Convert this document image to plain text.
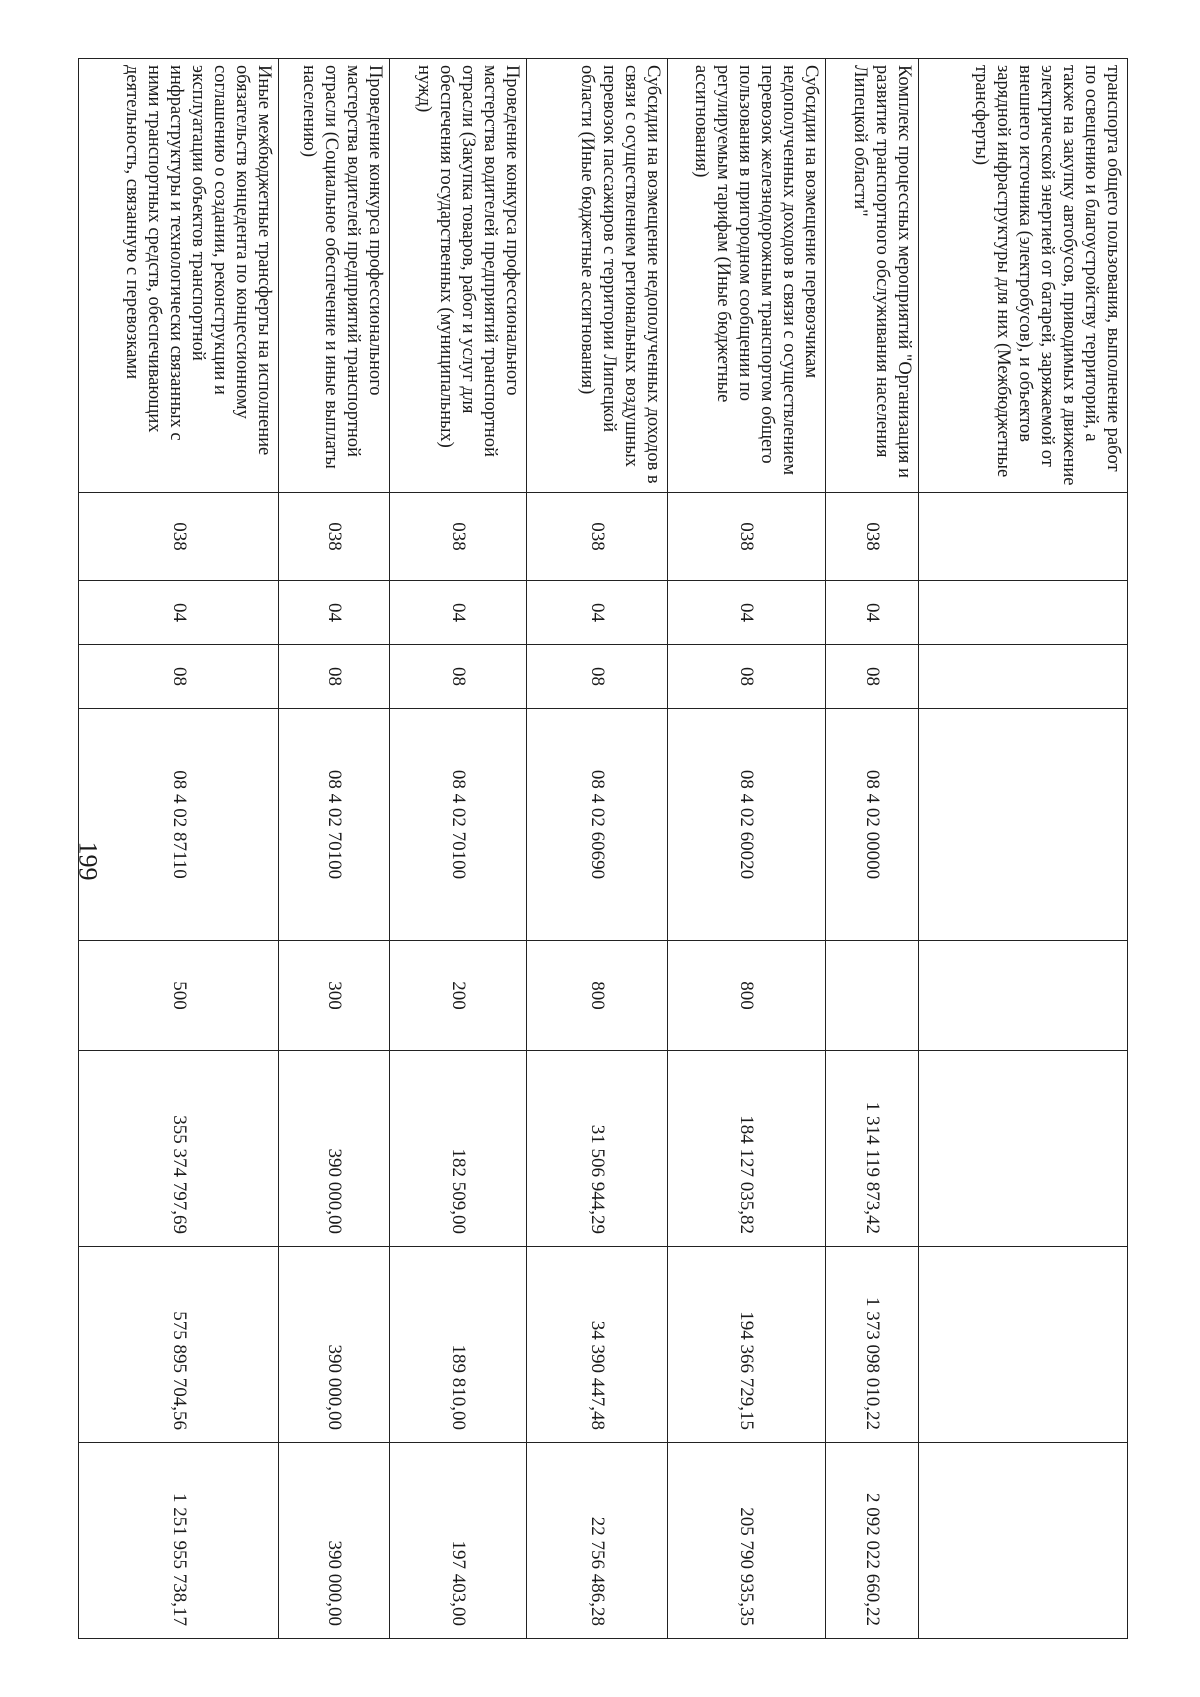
199
транспорта общего пользования, выполнение работ по освещению и благоустройству территорий, а также на закупку автобусов, приводимых в движение электрической энергией от батарей, заряжаемой от внешнего источника (электробусов), и объектов зарядной инфраструктуры для них (Межбюджетные трансферты)								
Комплекс процессных мероприятий "Организация и развитие транспортного обслуживания населения Липецкой области"	038	04	08	08 4 02 00000		1 314 119 873,42	1 373 098 010,22	2 092 022 660,22
Субсидии на возмещение перевозчикам недополученных доходов в связи с осуществлением перевозок железнодорожным транспортом общего пользования в пригородном сообщении по регулируемым тарифам (Иные бюджетные ассигнования)	038	04	08	08 4 02 60020	800	184 127 035,82	194 366 729,15	205 790 935,35
Субсидии на возмещение недополученных доходов в связи с осуществлением региональных воздушных перевозок пассажиров с территории Липецкой области (Иные бюджетные ассигнования)	038	04	08	08 4 02 60690	800	31 506 944,29	34 390 447,48	22 756 486,28
Проведение конкурса профессионального мастерства водителей предприятий транспортной отрасли (Закупка товаров, работ и услуг для обеспечения государственных (муниципальных) нужд)	038	04	08	08 4 02 70100	200	182 509,00	189 810,00	197 403,00
Проведение конкурса профессионального мастерства водителей предприятий транспортной отрасли (Социальное обеспечение и иные выплаты населению)	038	04	08	08 4 02 70100	300	390 000,00	390 000,00	390 000,00
Иные межбюджетные трансферты на исполнение обязательств концедента по концессионному соглашению о создании, реконструкции и эксплуатации объектов транспортной инфраструктуры и технологически связанных с ними транспортных средств, обеспечивающих деятельность, связанную с перевозками	038	04	08	08 4 02 87110	500	355 374 797,69	575 895 704,56	1 251 955 738,17
